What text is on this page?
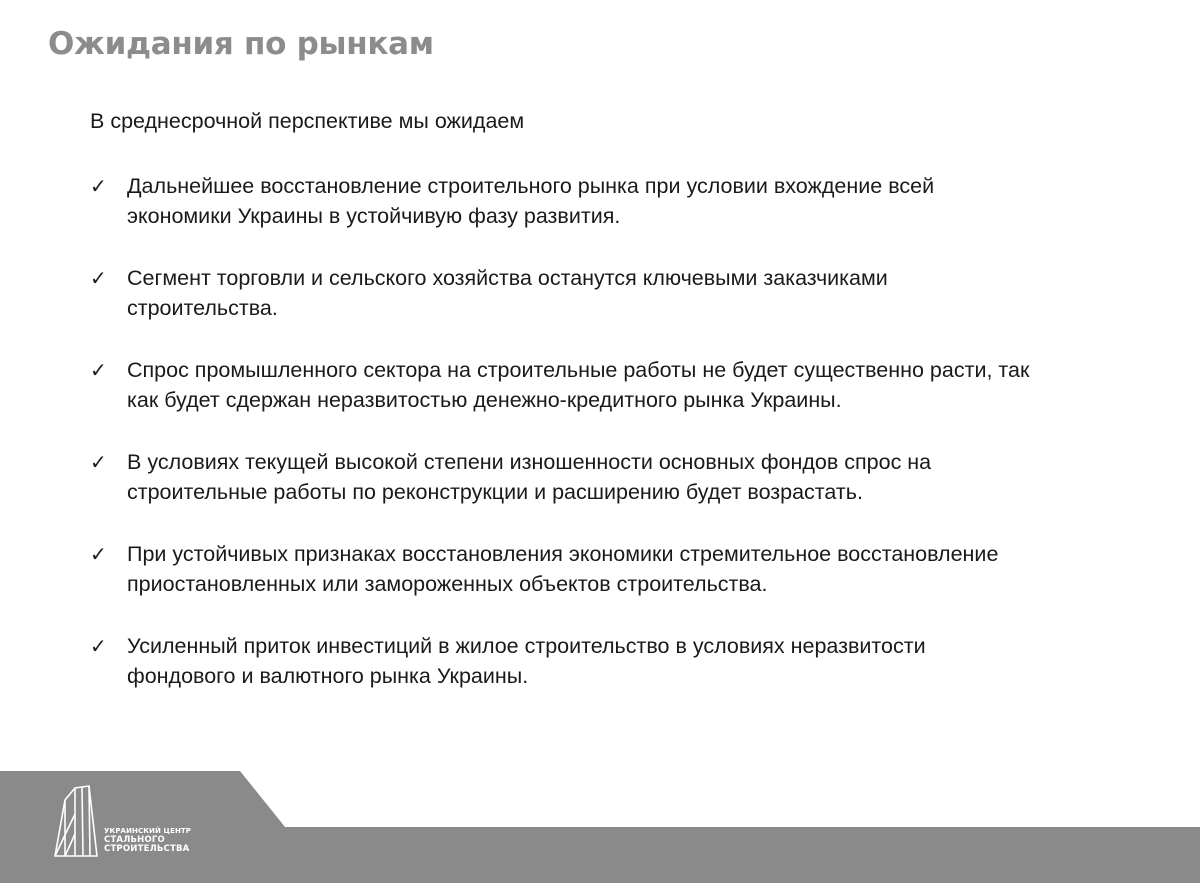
Ожидания по рынкам

В среднесрочной перспективе мы ожидаем

✓ Дальнейшее восстановление строительного рынка при условии вхождение всей
экономики Украины в устойчивую фазу развития.
✓ Сегмент торговли и сельского хозяйства останутся ключевыми заказчиками
строительства.
✓ Спрос промышленного сектора на строительные работы не будет существенно расти, так
как будет сдержан неразвитостью денежно-кредитного рынка Украины.
✓ В условиях текущей высокой степени изношенности основных фондов спрос на
строительные работы по реконструкции и расширению будет возрастать.
✓ При устойчивых признаках восстановления экономики стремительное восстановление
приостановленных или замороженных объектов строительства.
✓ Усиленный приток инвестиций в жилое строительство в условиях неразвитости
фондового и валютного рынка Украины.
УКРАИНСКИЙ ЦЕНТР
СТАЛЬНОГО
СТРОИТЕЛЬСТВА
